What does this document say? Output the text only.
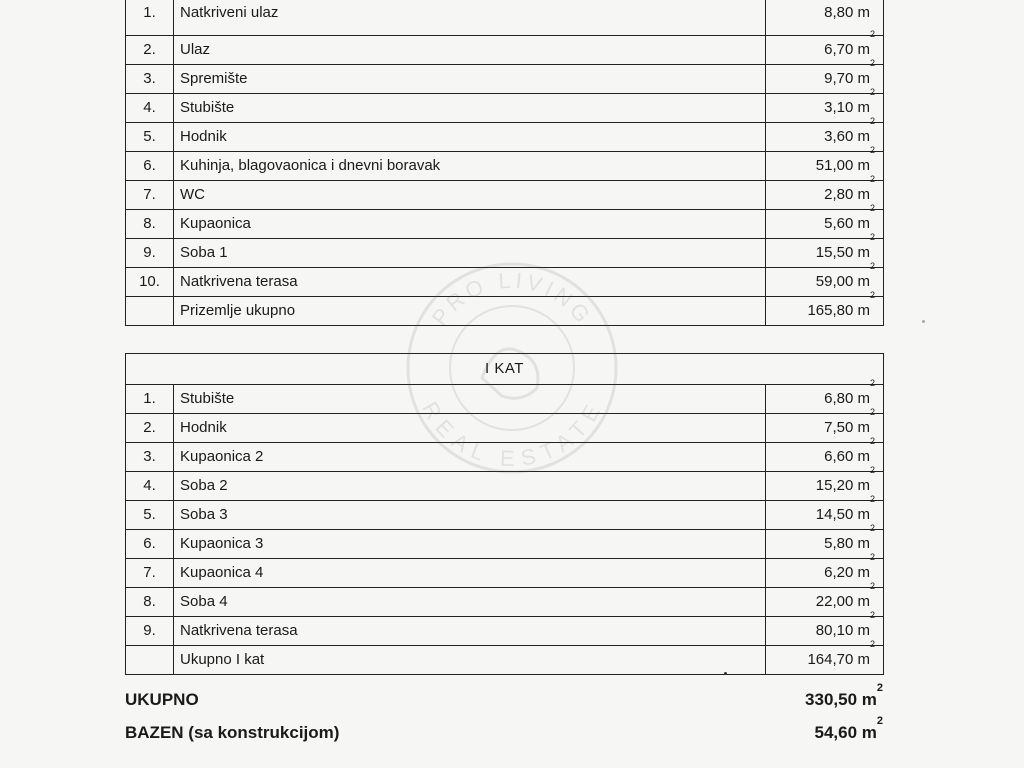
1.	Natkriveni ulaz	8,80 m
2.	Ulaz	6,70 $m^2$
3.	Spremište	9,70 $m^2$
4.	Stubište	3,10 $m^2$
5.	Hodnik	3,60 $m^2$
6.	Kuhinja, blagovaonica i dnevni boravak	51,00 $m^2$
7.	WC	2,80 $m^2$
8.	Kupaonica	5,60 $m^2$
9.	Soba 1	15,50 $m^2$
10.	Natkrivena terasa	59,00 $m^2$
	Prizemlje ukupno	165,80 $m^2$
I KAT		
1.	Stubište	6,80 $m^2$
2.	Hodnik	7,50 $m^2$
3.	Kupaonica 2	6,60 $m^2$
4.	Soba 2	15,20 $m^2$
5.	Soba 3	14,50 $m^2$
6.	Kupaonica 3	5,80 $m^2$
7.	Kupaonica 4	6,20 $m^2$
8.	Soba 4	22,00 $m^2$
9.	Natkrivena terasa	80,10 $m^2$
	Ukupno I kat	164,70 $m^2$
UKUPNO	330,50 $m^2$
BAZEN (sa konstrukcijom)	54,60 $m^2$
PRO LIVING
REAL ESTATE
